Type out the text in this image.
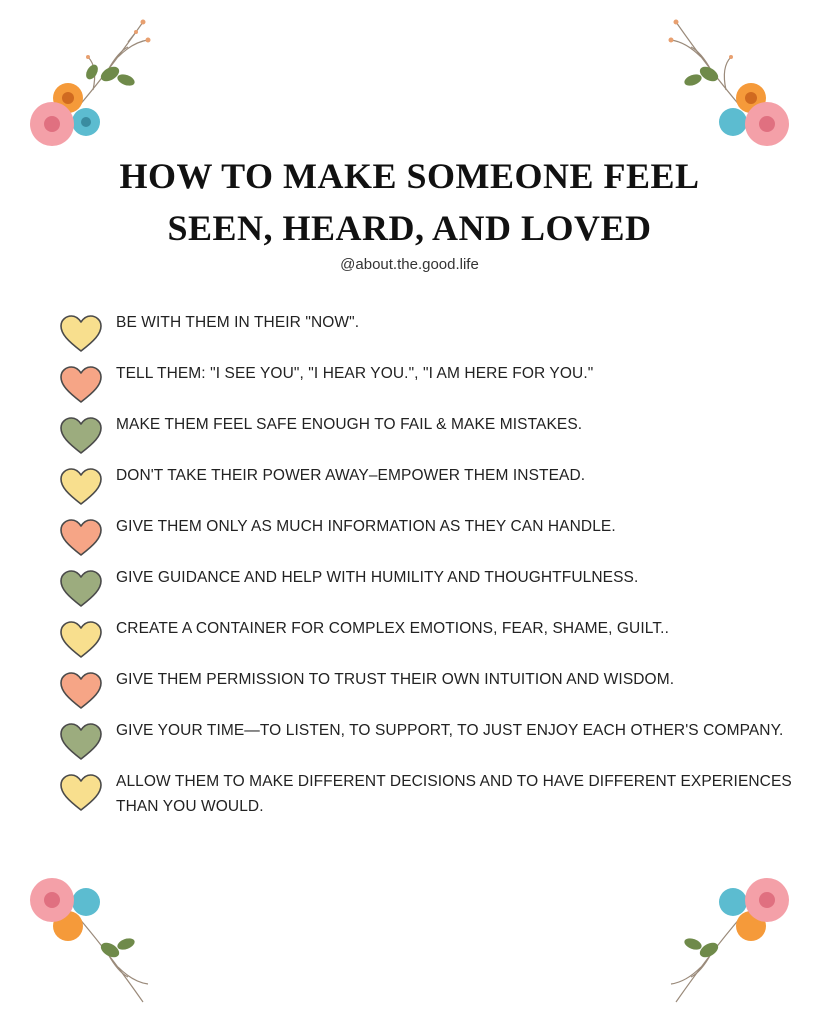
HOW TO MAKE SOMEONE FEEL
SEEN, HEARD, AND LOVED
@about.the.good.life
BE WITH THEM IN THEIR "NOW".
TELL THEM: "I SEE YOU", "I HEAR YOU.", "I AM HERE FOR YOU."
MAKE THEM FEEL SAFE ENOUGH TO FAIL & MAKE MISTAKES.
DON'T TAKE THEIR POWER AWAY–EMPOWER THEM INSTEAD.
GIVE THEM ONLY AS MUCH INFORMATION AS THEY CAN HANDLE.
GIVE GUIDANCE AND HELP WITH HUMILITY AND THOUGHTFULNESS.
CREATE A CONTAINER FOR COMPLEX EMOTIONS, FEAR, SHAME, GUILT..
GIVE THEM PERMISSION TO TRUST THEIR OWN INTUITION AND WISDOM.
GIVE YOUR TIME—TO LISTEN, TO SUPPORT, TO JUST ENJOY EACH OTHER'S COMPANY.
ALLOW THEM TO MAKE DIFFERENT DECISIONS AND TO HAVE DIFFERENT EXPERIENCES THAN YOU WOULD.
